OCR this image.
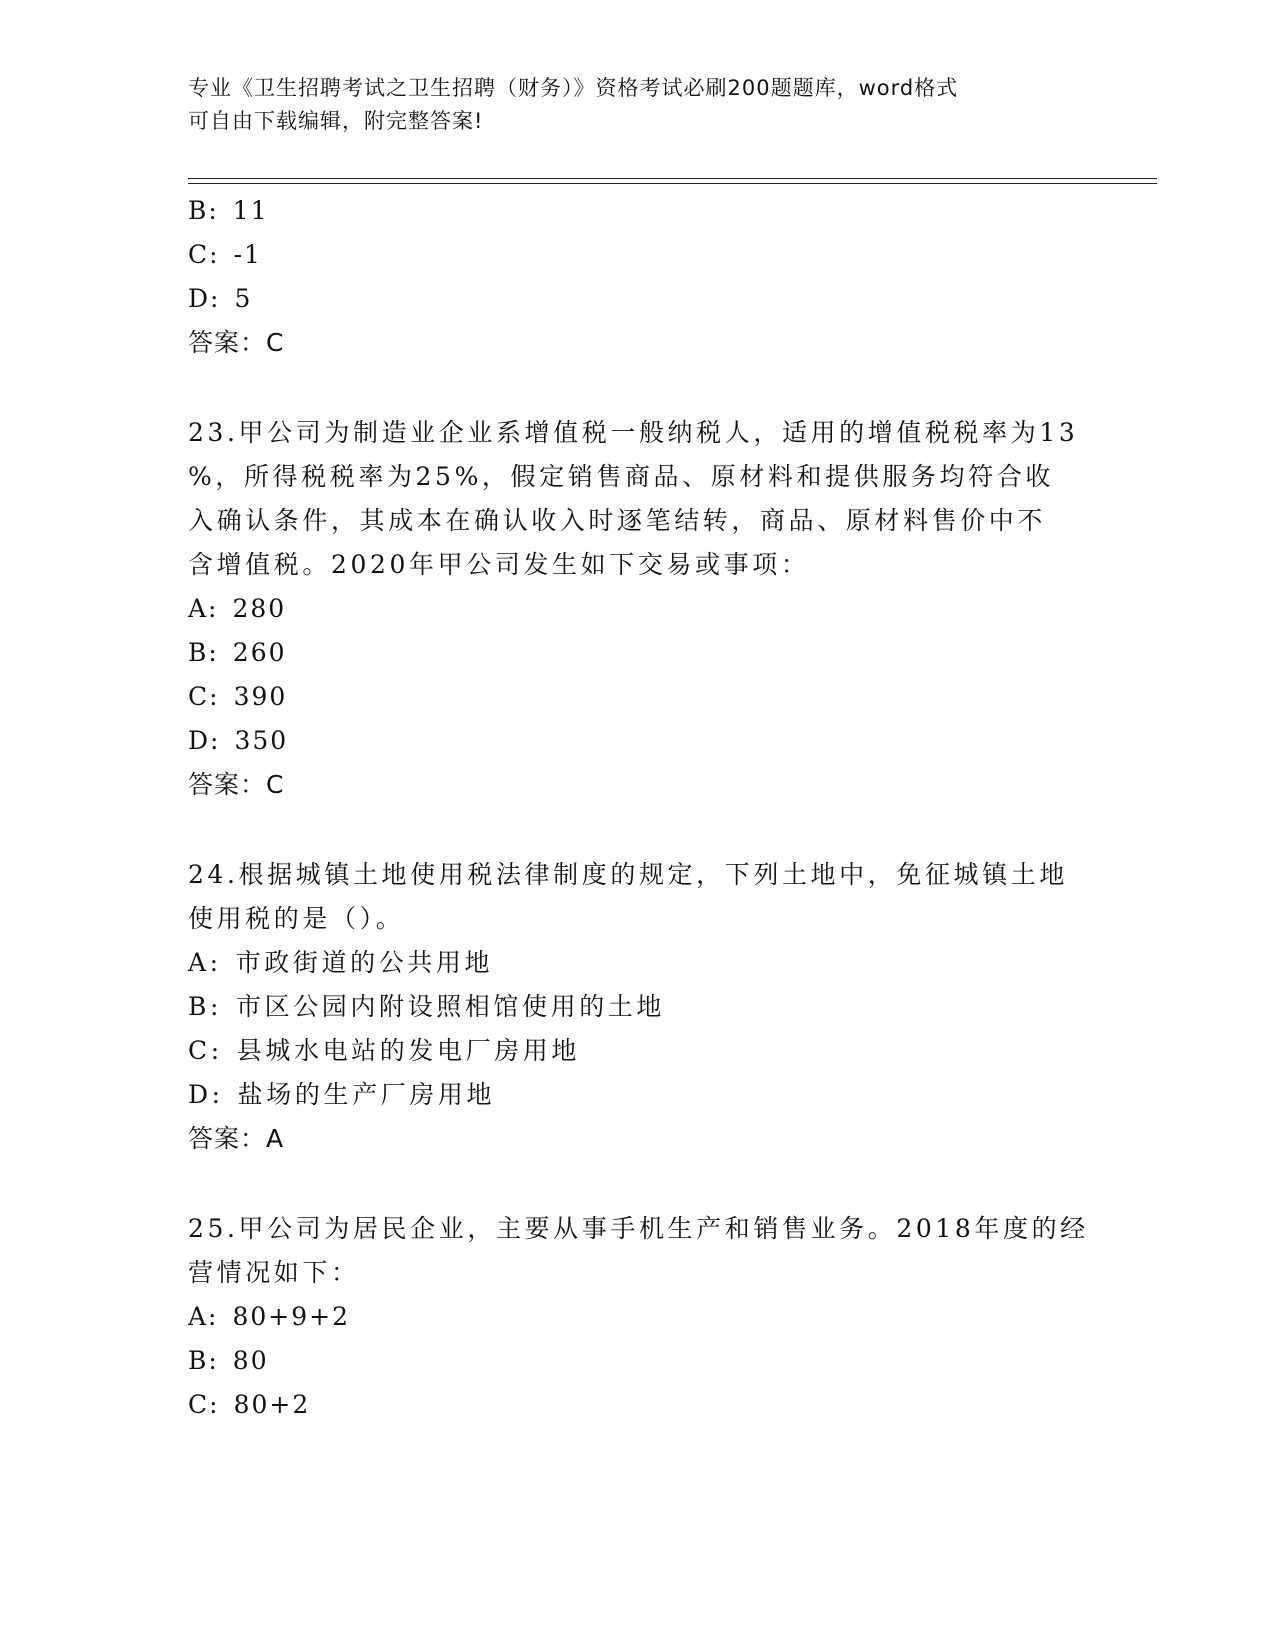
专业《卫生招聘考试之卫生招聘（财务）》资格考试必刷200题题库，word格式
可自由下载编辑，附完整答案!
B: 11
C: -1
D: 5
答案：C
23.甲公司为制造业企业系增值税一般纳税人，适用的增值税税率为13
%，所得税税率为25%，假定销售商品、原材料和提供服务均符合收
入确认条件，其成本在确认收入时逐笔结转，商品、原材料售价中不
含增值税。2020年甲公司发生如下交易或事项：
A: 280
B: 260
C: 390
D: 350
答案：C
24.根据城镇土地使用税法律制度的规定，下列土地中，免征城镇土地
使用税的是（）。
A: 市政街道的公共用地
B: 市区公园内附设照相馆使用的土地
C: 县城水电站的发电厂房用地
D: 盐场的生产厂房用地
答案：A
25.甲公司为居民企业，主要从事手机生产和销售业务。2018年度的经
营情况如下：
A: 80+9+2
B: 80
C: 80+2
